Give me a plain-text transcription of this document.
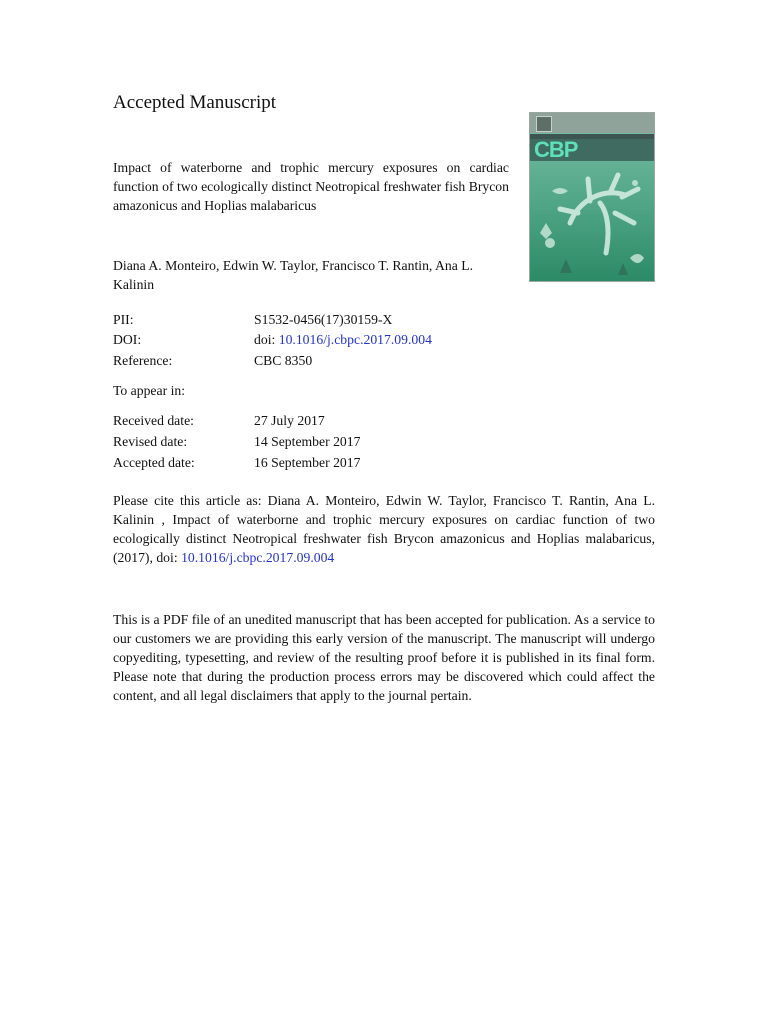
Accepted Manuscript
Impact of waterborne and trophic mercury exposures on cardiac function of two ecologically distinct Neotropical freshwater fish Brycon amazonicus and Hoplias malabaricus
CBP
Diana A. Monteiro, Edwin W. Taylor, Francisco T. Rantin, Ana L. Kalinin
PII:	S1532-0456(17)30159-X
DOI:	doi: 10.1016/j.cbpc.2017.09.004
Reference:	CBC 8350
To appear in:
Received date:	27 July 2017
Revised date:	14 September 2017
Accepted date:	16 September 2017
Please cite this article as: Diana A. Monteiro, Edwin W. Taylor, Francisco T. Rantin, Ana L. Kalinin , Impact of waterborne and trophic mercury exposures on cardiac function of two ecologically distinct Neotropical freshwater fish Brycon amazonicus and Hoplias malabaricus, (2017), doi: 10.1016/j.cbpc.2017.09.004
This is a PDF file of an unedited manuscript that has been accepted for publication. As a service to our customers we are providing this early version of the manuscript. The manuscript will undergo copyediting, typesetting, and review of the resulting proof before it is published in its final form. Please note that during the production process errors may be discovered which could affect the content, and all legal disclaimers that apply to the journal pertain.
